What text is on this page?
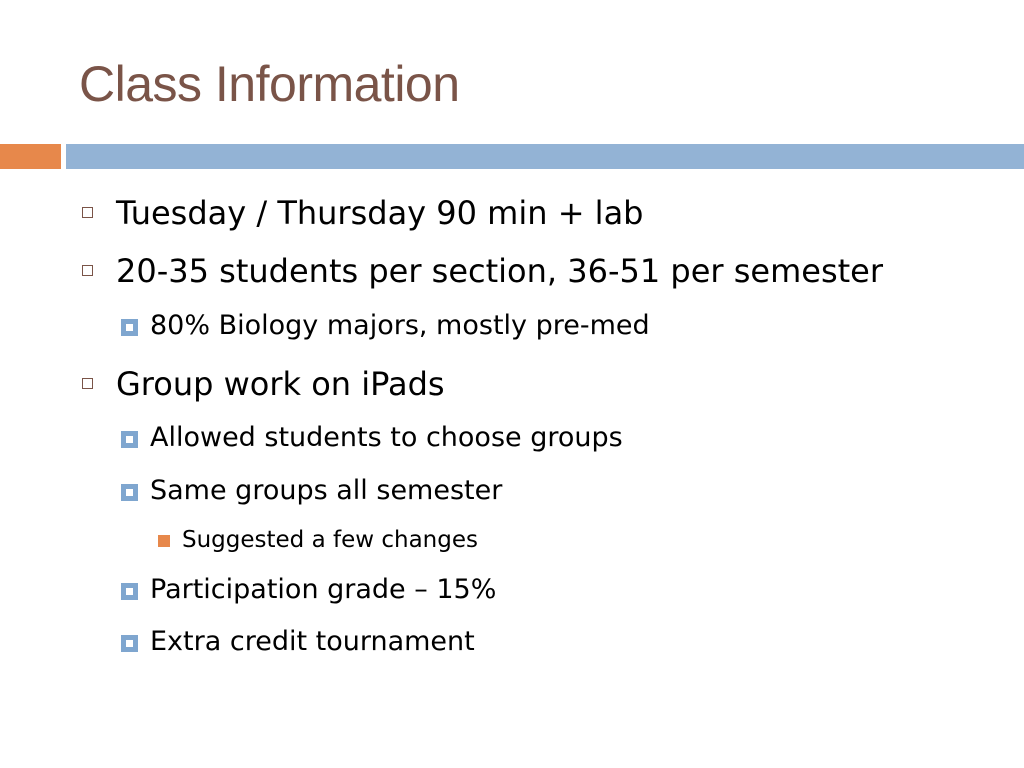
Class Information
Tuesday / Thursday 90 min + lab
20-35 students per section, 36-51 per semester
80% Biology majors, mostly pre-med
Group work on iPads
Allowed students to choose groups
Same groups all semester
Suggested a few changes
Participation grade – 15%
Extra credit tournament
